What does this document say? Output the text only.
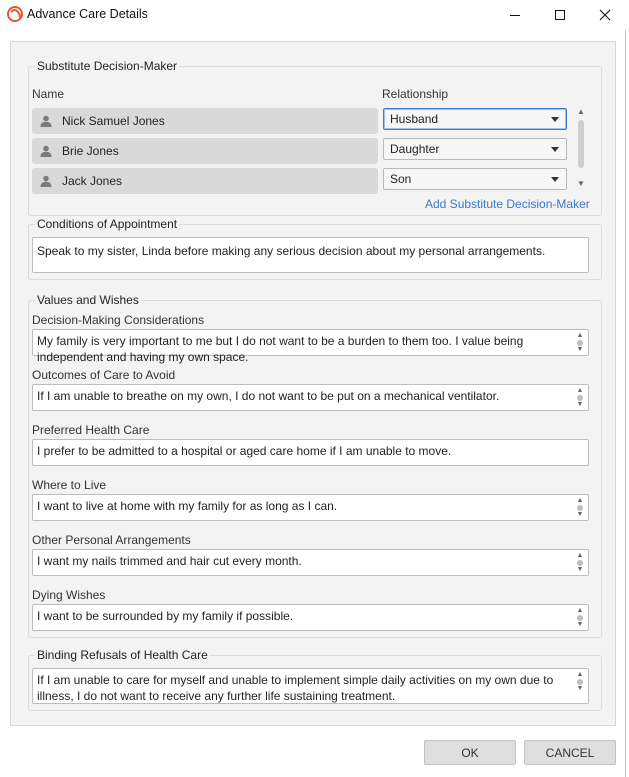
Advance Care Details
Substitute Decision-Maker
Name	Relationship
Nick Samuel Jones	Husband
Brie Jones	Daughter
Jack Jones	Son
▲
▼
Add Substitute Decision-Maker
Conditions of Appointment
Speak to my sister, Linda before making any serious decision about my personal arrangements.
Values and Wishes
Decision-Making Considerations
My family is very important to me but I do not want to be a burden to them too. I value being independent and having my own space.
▲
▼
Outcomes of Care to Avoid
If I am unable to breathe on my own, I do not want to be put on a mechanical ventilator.	▲
▼
Preferred Health Care
I prefer to be admitted to a hospital or aged care home if I am unable to move.
Where to Live
I want to live at home with my family for as long as I can.	▲
▼
Other Personal Arrangements
I want my nails trimmed and hair cut every month.	▲
▼
Dying Wishes
I want to be surrounded by my family if possible.	▲
▼
Binding Refusals of Health Care
If I am unable to care for myself and unable to implement simple daily activities on my own due to illness, I do not want to receive any further life sustaining treatment.
▲
▼
OK	CANCEL
